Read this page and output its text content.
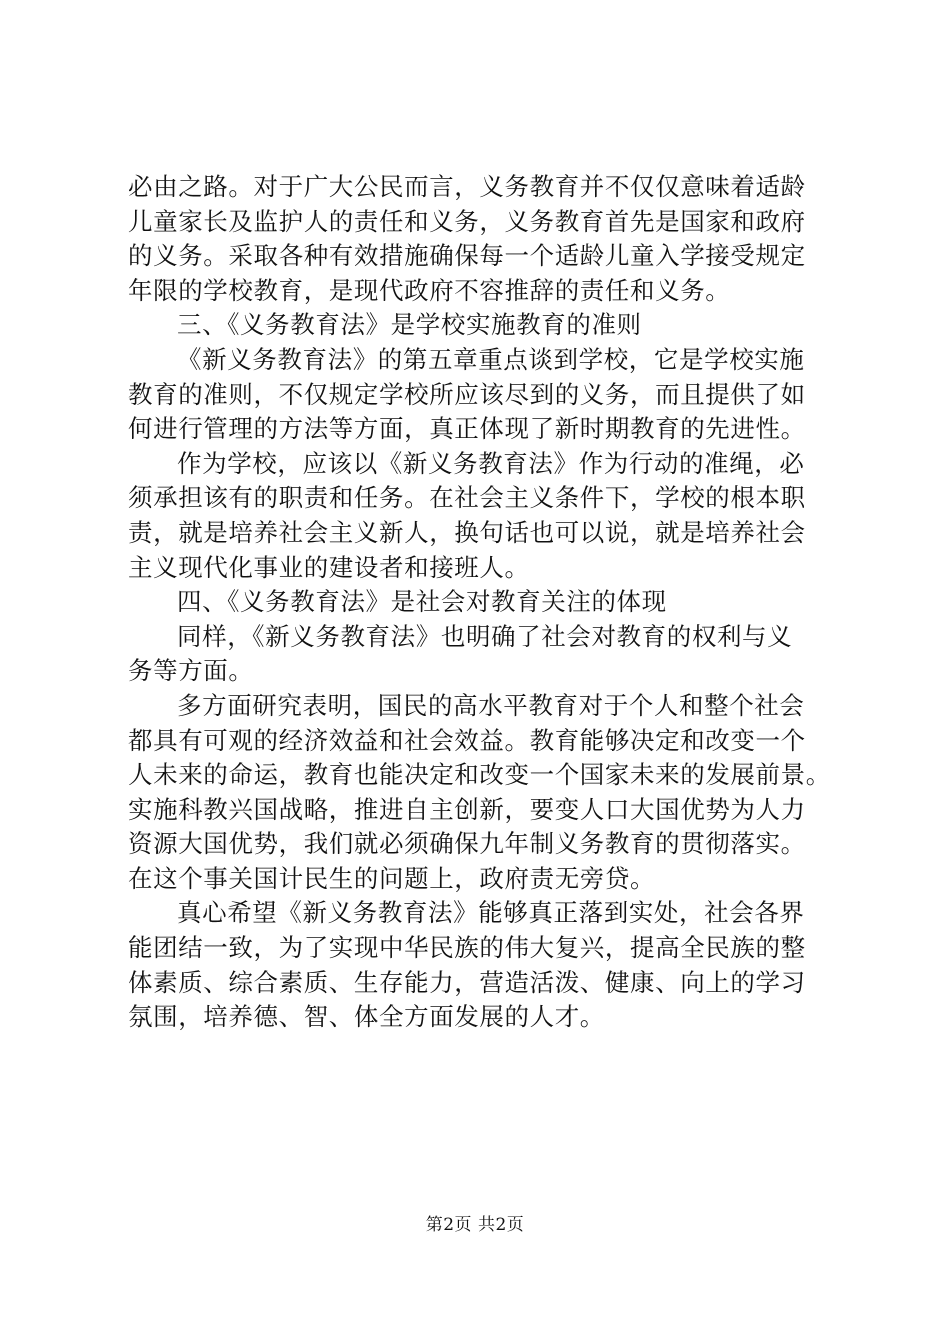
必由之路。对于广大公民而言，义务教育并不仅仅意味着适龄
儿童家长及监护人的责任和义务，义务教育首先是国家和政府
的义务。采取各种有效措施确保每一个适龄儿童入学接受规定
年限的学校教育，是现代政府不容推辞的责任和义务。

三、《义务教育法》是学校实施教育的准则

《新义务教育法》的第五章重点谈到学校，它是学校实施
教育的准则，不仅规定学校所应该尽到的义务，而且提供了如
何进行管理的方法等方面，真正体现了新时期教育的先进性。

作为学校，应该以《新义务教育法》作为行动的准绳，必
须承担该有的职责和任务。在社会主义条件下，学校的根本职
责，就是培养社会主义新人，换句话也可以说，就是培养社会
主义现代化事业的建设者和接班人。

四、《义务教育法》是社会对教育关注的体现

同样，《新义务教育法》也明确了社会对教育的权利与义
务等方面。

多方面研究表明，国民的高水平教育对于个人和整个社会
都具有可观的经济效益和社会效益。教育能够决定和改变一个
人未来的命运，教育也能决定和改变一个国家未来的发展前景。
实施科教兴国战略，推进自主创新，要变人口大国优势为人力
资源大国优势，我们就必须确保九年制义务教育的贯彻落实。
在这个事关国计民生的问题上，政府责无旁贷。

真心希望《新义务教育法》能够真正落到实处，社会各界
能团结一致，为了实现中华民族的伟大复兴，提高全民族的整
体素质、综合素质、生存能力，营造活泼、健康、向上的学习
氛围，培养德、智、体全方面发展的人才。

第2页 共2页
